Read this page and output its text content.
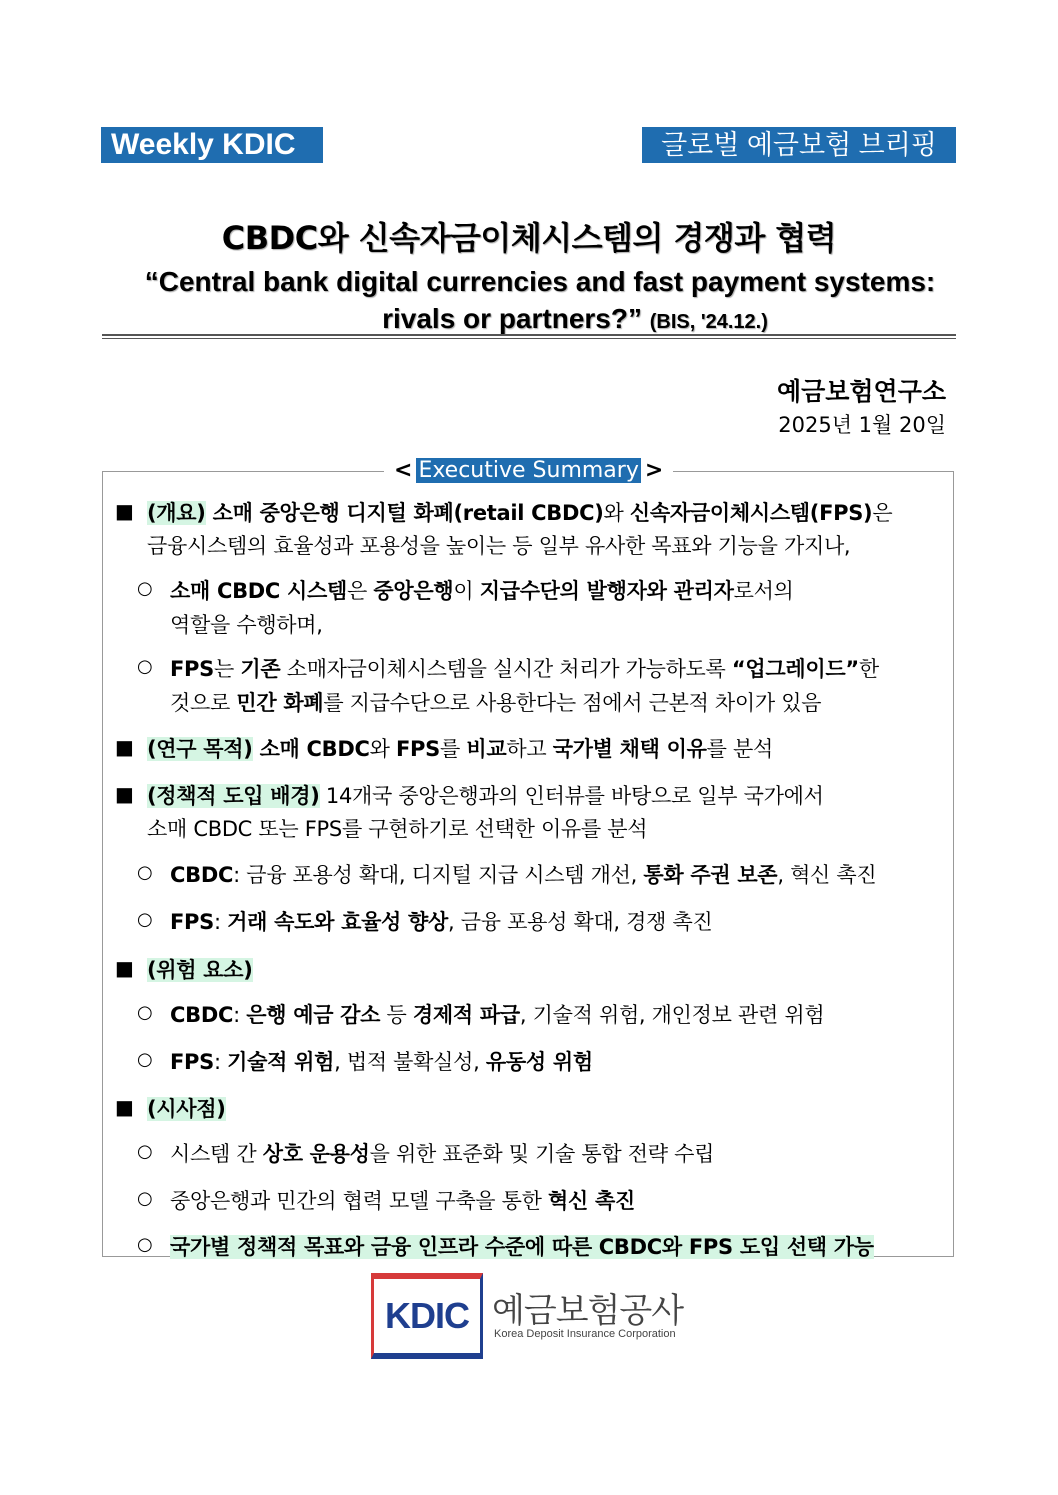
Weekly KDIC	글로벌 예금보험 브리핑
CBDC와 신속자금이체시스템의 경쟁과 협력
“Central bank digital currencies and fast payment systems:
rivals or partners?” (BIS, '24.12.)
예금보험연구소
2025년 1월 20일
< Executive Summary >
■ (개요) 소매 중앙은행 디지털 화폐(retail CBDC)와 신속자금이체시스템(FPS)은
금융시스템의 효율성과 포용성을 높이는 등 일부 유사한 목표와 기능을 가지나,
○ 소매 CBDC 시스템은 중앙은행이 지급수단의 발행자와 관리자로서의
역할을 수행하며,
○ FPS는 기존 소매자금이체시스템을 실시간 처리가 가능하도록 “업그레이드”한
것으로 민간 화폐를 지급수단으로 사용한다는 점에서 근본적 차이가 있음
■ (연구 목적) 소매 CBDC와 FPS를 비교하고 국가별 채택 이유를 분석
■ (정책적 도입 배경) 14개국 중앙은행과의 인터뷰를 바탕으로 일부 국가에서
소매 CBDC 또는 FPS를 구현하기로 선택한 이유를 분석
○ CBDC: 금융 포용성 확대, 디지털 지급 시스템 개선, 통화 주권 보존, 혁신 촉진
○ FPS: 거래 속도와 효율성 향상, 금융 포용성 확대, 경쟁 촉진
■ (위험 요소)
○ CBDC: 은행 예금 감소 등 경제적 파급, 기술적 위험, 개인정보 관련 위험
○ FPS: 기술적 위험, 법적 불확실성, 유동성 위험
■ (시사점)
○ 시스템 간 상호 운용성을 위한 표준화 및 기술 통합 전략 수립
○ 중앙은행과 민간의 협력 모델 구축을 통한 혁신 촉진
○ 국가별 정책적 목표와 금융 인프라 수준에 따른 CBDC와 FPS 도입 선택 가능
KDIC 예금보험공사
Korea Deposit Insurance Corporation
